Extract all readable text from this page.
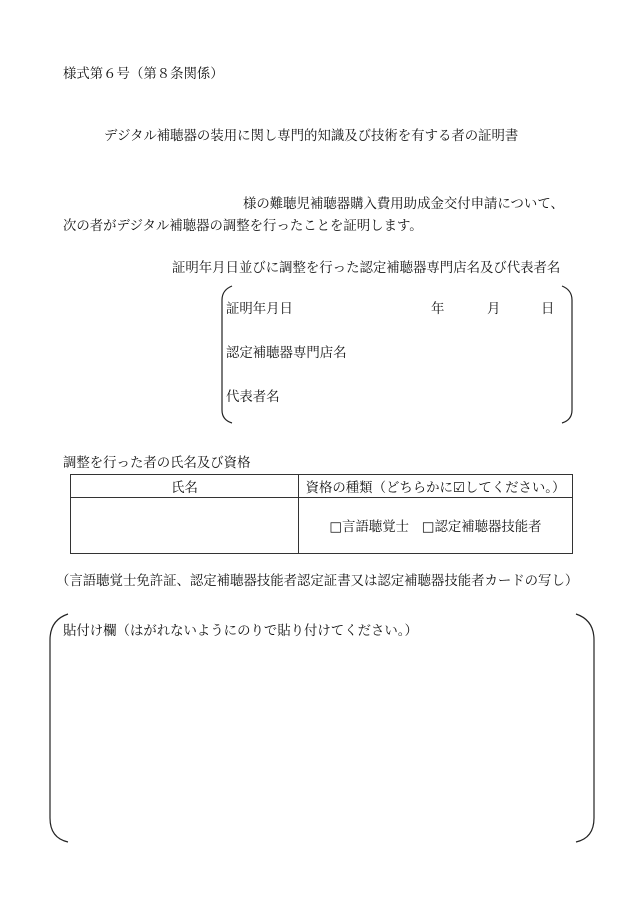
様式第６号（第８条関係）
デジタル補聴器の装用に関し専門的知識及び技術を有する者の証明書
様の難聴児補聴器購入費用助成金交付申請について、
次の者がデジタル補聴器の調整を行ったことを証明します。
証明年月日並びに調整を行った認定補聴器専門店名及び代表者名
証明年月日	年	月	日
認定補聴器専門店名
代表者名
調整を行った者の氏名及び資格
氏名	資格の種類（どちらかに☑してください。）
	□言語聴覚士 □認定補聴器技能者
（言語聴覚士免許証、認定補聴器技能者認定証書又は認定補聴器技能者カードの写し）
貼付け欄（はがれないようにのりで貼り付けてください。）
